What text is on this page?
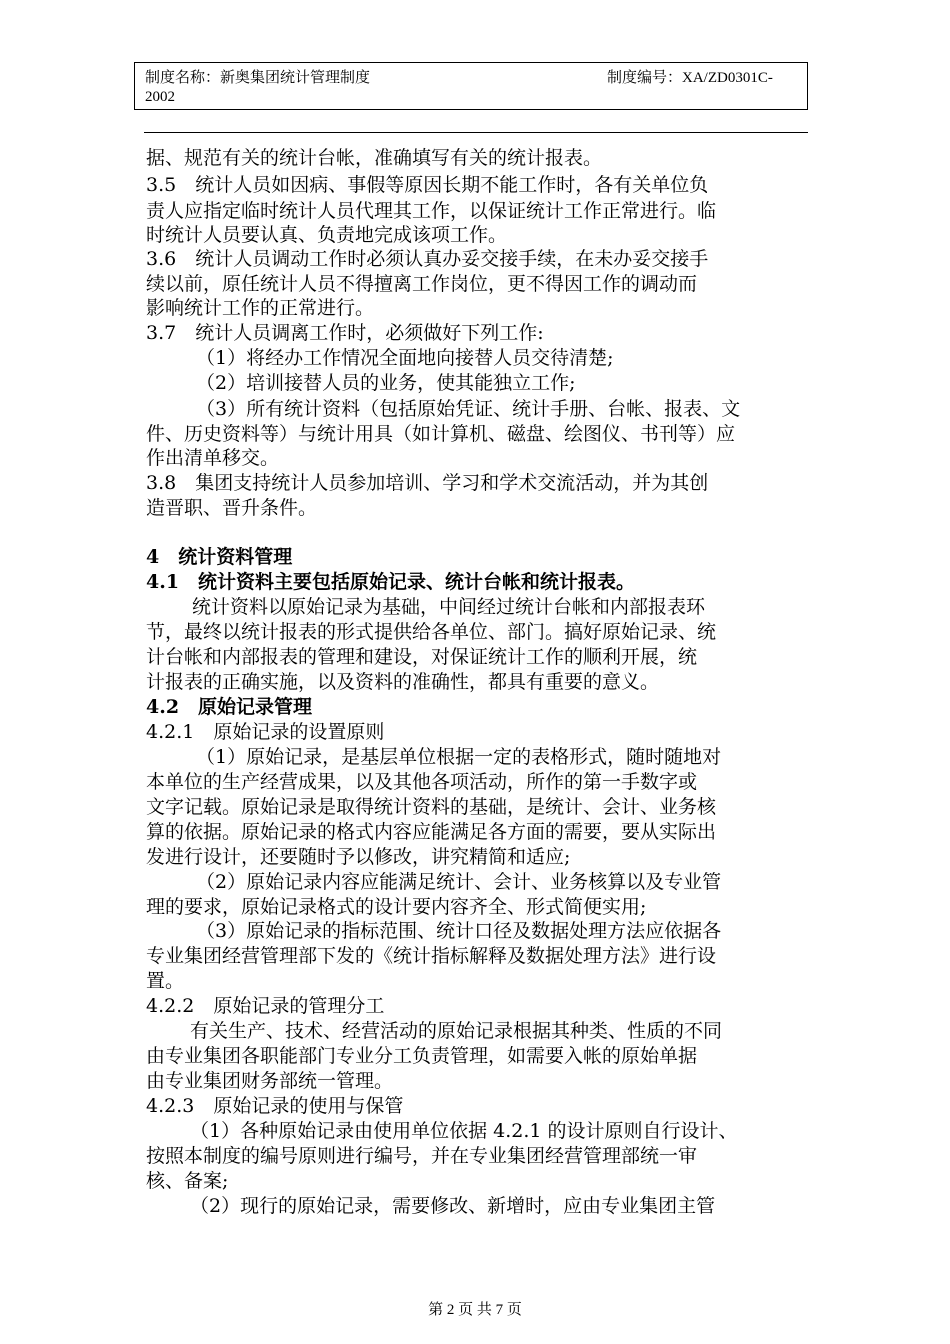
制度名称：新奥集团统计管理制度
2002
制度编号：XA/ZD0301C-
据、规范有关的统计台帐，准确填写有关的统计报表。
3.5　统计人员如因病、事假等原因长期不能工作时，各有关单位负
责人应指定临时统计人员代理其工作，以保证统计工作正常进行。临
时统计人员要认真、负责地完成该项工作。
3.6　统计人员调动工作时必须认真办妥交接手续，在未办妥交接手
续以前，原任统计人员不得擅离工作岗位，更不得因工作的调动而
影响统计工作的正常进行。
3.7　统计人员调离工作时，必须做好下列工作:
（1）将经办工作情况全面地向接替人员交待清楚;
（2）培训接替人员的业务，使其能独立工作;
（3）所有统计资料（包括原始凭证、统计手册、台帐、报表、文
件、历史资料等）与统计用具（如计算机、磁盘、绘图仪、书刊等）应
作出清单移交。
3.8　集团支持统计人员参加培训、学习和学术交流活动，并为其创
造晋职、晋升条件。
4　统计资料管理
4.1　统计资料主要包括原始记录、统计台帐和统计报表。
统计资料以原始记录为基础，中间经过统计台帐和内部报表环
节，最终以统计报表的形式提供给各单位、部门。搞好原始记录、统
计台帐和内部报表的管理和建设，对保证统计工作的顺利开展，统
计报表的正确实施，以及资料的准确性，都具有重要的意义。
4.2　原始记录管理
4.2.1　原始记录的设置原则
（1）原始记录，是基层单位根据一定的表格形式，随时随地对
本单位的生产经营成果，以及其他各项活动，所作的第一手数字或
文字记载。原始记录是取得统计资料的基础，是统计、会计、业务核
算的依据。原始记录的格式内容应能满足各方面的需要，要从实际出
发进行设计，还要随时予以修改，讲究精简和适应;
（2）原始记录内容应能满足统计、会计、业务核算以及专业管
理的要求，原始记录格式的设计要内容齐全、形式简便实用;
（3）原始记录的指标范围、统计口径及数据处理方法应依据各
专业集团经营管理部下发的《统计指标解释及数据处理方法》进行设
置。
4.2.2　原始记录的管理分工
有关生产、技术、经营活动的原始记录根据其种类、性质的不同
由专业集团各职能部门专业分工负责管理，如需要入帐的原始单据
由专业集团财务部统一管理。
4.2.3　原始记录的使用与保管
（1）各种原始记录由使用单位依据 4.2.1 的设计原则自行设计、
按照本制度的编号原则进行编号，并在专业集团经营管理部统一审
核、备案;
（2）现行的原始记录，需要修改、新增时，应由专业集团主管
第 2 页 共 7 页
